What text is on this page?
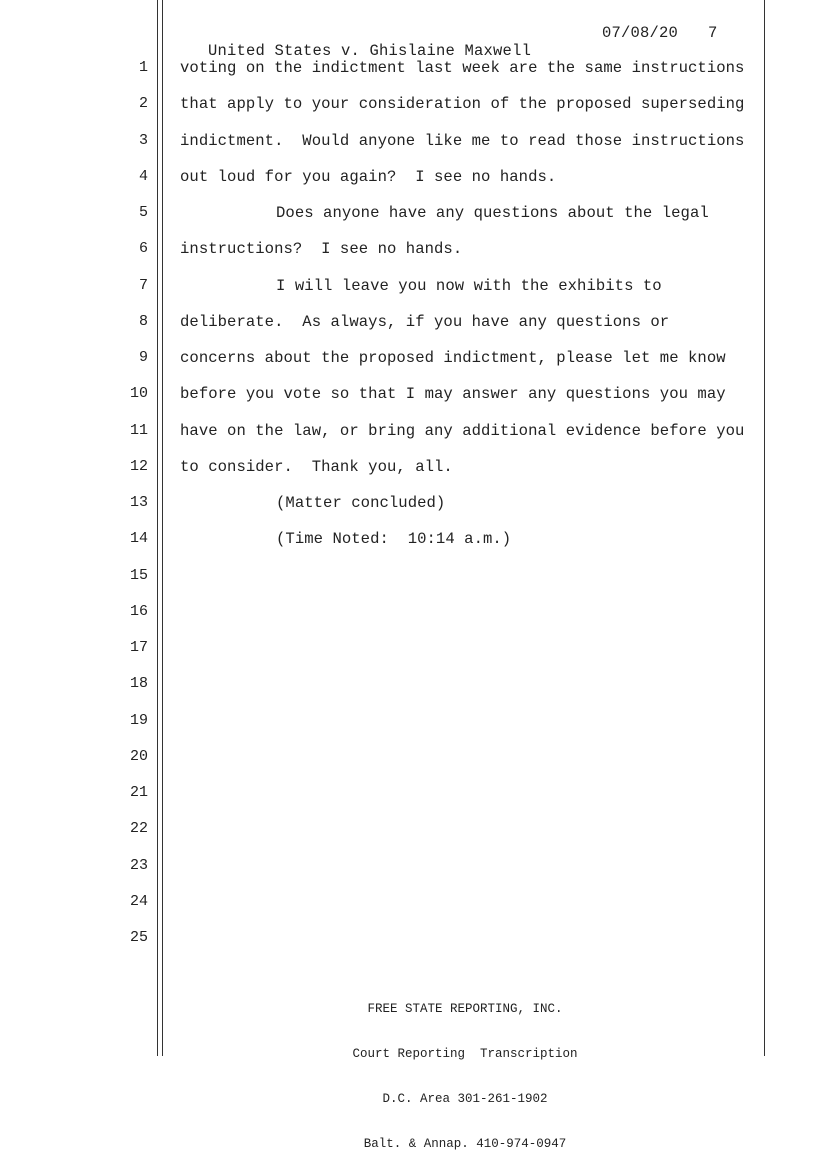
United States v. Ghislaine Maxwell

07/08/20

7

1 voting on the indictment last week are the same instructions
2 that apply to your consideration of the proposed superseding
3 indictment.  Would anyone like me to read those instructions
4 out loud for you again?  I see no hands.
5	Does anyone have any questions about the legal
6 instructions?  I see no hands.
7	I will leave you now with the exhibits to
8 deliberate.  As always, if you have any questions or
9 concerns about the proposed indictment, please let me know
10 before you vote so that I may answer any questions you may
11 have on the law, or bring any additional evidence before you
12 to consider.  Thank you, all.
13	(Matter concluded)
14	(Time Noted:  10:14 a.m.)
15
16
17
18
19
20
21
22
23
24
25

FREE STATE REPORTING, INC.

Court Reporting  Transcription

D.C. Area 301-261-1902

Balt. & Annap. 410-974-0947
